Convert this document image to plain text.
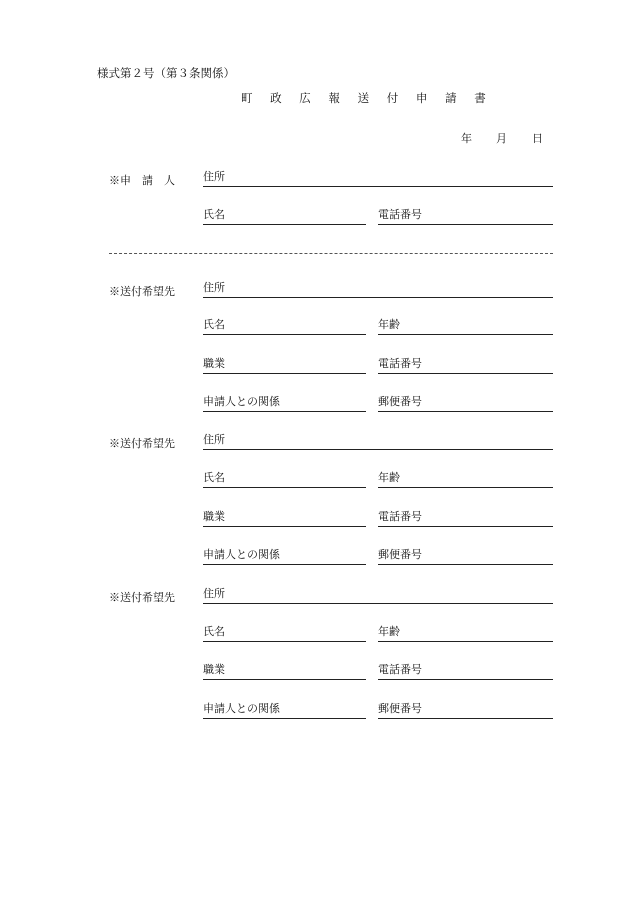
様式第２号（第３条関係）
町 政 広 報 送 付 申 請 書
年 月 日
※申　請　人	住所
氏名	電話番号
※送付希望先	住所
氏名	年齢
職業	電話番号
申請人との関係	郵便番号
※送付希望先	住所
氏名	年齢
職業	電話番号
申請人との関係	郵便番号
※送付希望先	住所
氏名	年齢
職業	電話番号
申請人との関係	郵便番号
